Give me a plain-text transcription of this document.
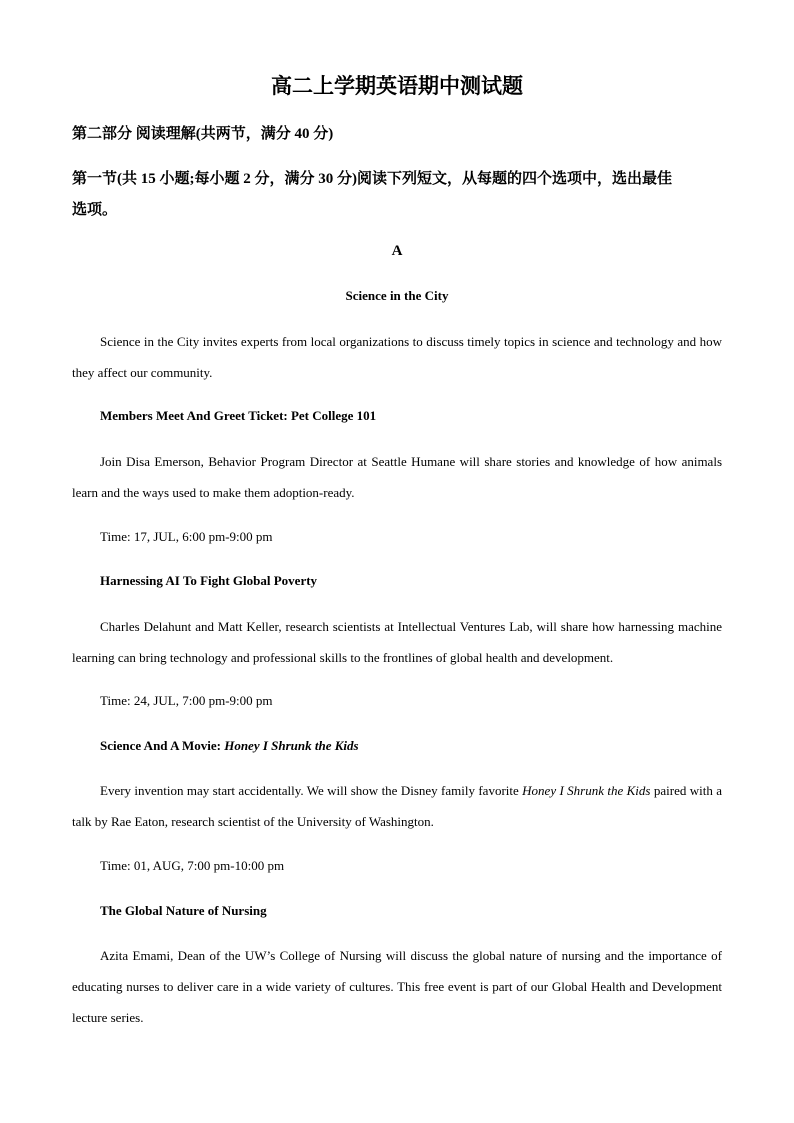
高二上学期英语期中测试题
第二部分 阅读理解(共两节，满分 40 分)
第一节(共 15 小题;每小题 2 分，满分 30 分)阅读下列短文，从每题的四个选项中，选出最佳
选项。
A
Science in the City
Science in the City invites experts from local organizations to discuss timely topics in science and technology and how they affect our community.
Members Meet And Greet Ticket: Pet College 101
Join Disa Emerson, Behavior Program Director at Seattle Humane will share stories and knowledge of how animals learn and the ways used to make them adoption-ready.
Time: 17, JUL, 6:00 pm-9:00 pm
Harnessing AI To Fight Global Poverty
Charles Delahunt and Matt Keller, research scientists at Intellectual Ventures Lab, will share how harnessing machine learning can bring technology and professional skills to the frontlines of global health and development.
Time: 24, JUL, 7:00 pm-9:00 pm
Science And A Movie: Honey I Shrunk the Kids
Every invention may start accidentally. We will show the Disney family favorite Honey I Shrunk the Kids paired with a talk by Rae Eaton, research scientist of the University of Washington.
Time: 01, AUG, 7:00 pm-10:00 pm
The Global Nature of Nursing
Azita Emami, Dean of the UW’s College of Nursing will discuss the global nature of nursing and the importance of educating nurses to deliver care in a wide variety of cultures. This free event is part of our Global Health and Development lecture series.
